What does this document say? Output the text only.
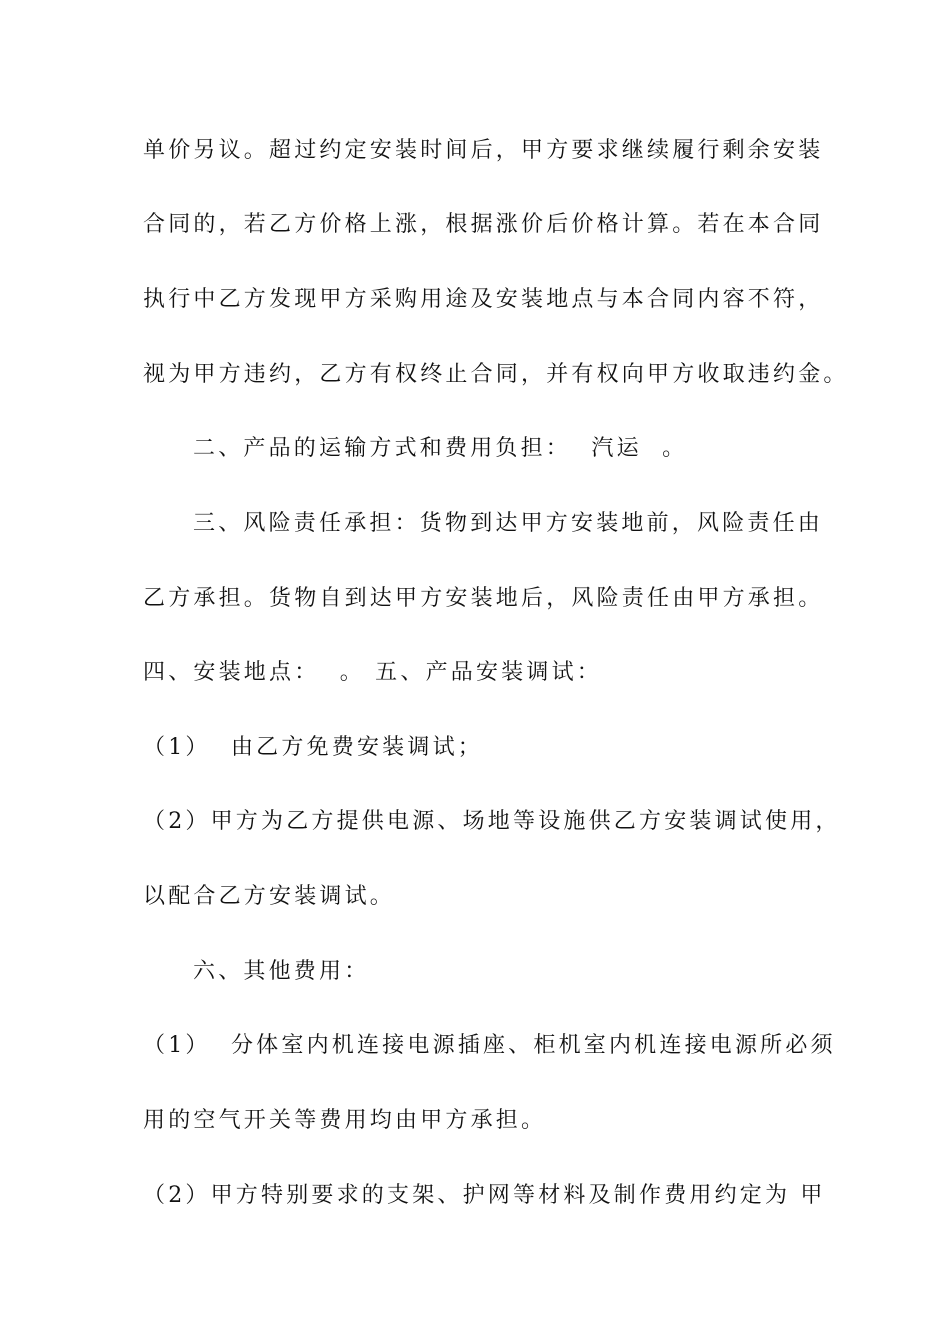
单价另议。超过约定安装时间后，甲方要求继续履行剩余安装
合同的，若乙方价格上涨，根据涨价后价格计算。若在本合同
执行中乙方发现甲方采购用途及安装地点与本合同内容不符，
视为甲方违约，乙方有权终止合同，并有权向甲方收取违约金。
二、产品的运输方式和费用负担：  汽运  。
三、风险责任承担：货物到达甲方安装地前，风险责任由
乙方承担。货物自到达甲方安装地后，风险责任由甲方承担。
四、安装地点：  。 五、产品安装调试：
（1）  由乙方免费安装调试；
（2）甲方为乙方提供电源、场地等设施供乙方安装调试使用，
以配合乙方安装调试。
六、其他费用：
（1）  分体室内机连接电源插座、柜机室内机连接电源所必须
用的空气开关等费用均由甲方承担。
（2）甲方特别要求的支架、护网等材料及制作费用约定为 甲
